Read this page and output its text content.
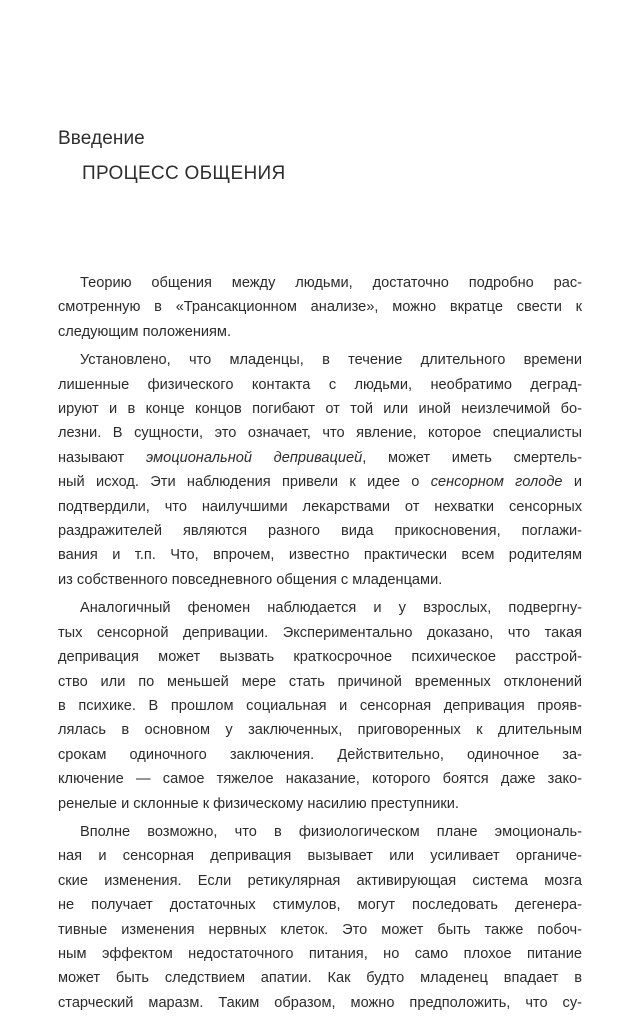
Введение
ПРОЦЕСС ОБЩЕНИЯ
Теорию общения между людьми, достаточно подробно рас-
смотренную в «Трансакционном анализе», можно вкратце свести к
следующим положениям.
Установлено, что младенцы, в течение длительного времени
лишенные физического контакта с людьми, необратимо деград-
ируют и в конце концов погибают от той или иной неизлечимой бо-
лезни. В сущности, это означает, что явление, которое специалисты
называют эмоциональной депривацией, может иметь смертель-
ный исход. Эти наблюдения привели к идее о сенсорном голоде и
подтвердили, что наилучшими лекарствами от нехватки сенсорных
раздражителей являются разного вида прикосновения, поглажи-
вания и т.п. Что, впрочем, известно практически всем родителям
из собственного повседневного общения с младенцами.
Аналогичный феномен наблюдается и у взрослых, подвергну-
тых сенсорной депривации. Экспериментально доказано, что такая
депривация может вызвать краткосрочное психическое расстрой-
ство или по меньшей мере стать причиной временных отклонений
в психике. В прошлом социальная и сенсорная депривация прояв-
лялась в основном у заключенных, приговоренных к длительным
срокам одиночного заключения. Действительно, одиночное за-
ключение — самое тяжелое наказание, которого боятся даже зако-
ренелые и склонные к физическому насилию преступники.
Вполне возможно, что в физиологическом плане эмоциональ-
ная и сенсорная депривация вызывает или усиливает органиче-
ские изменения. Если ретикулярная активирующая система мозга
не получает достаточных стимулов, могут последовать дегенера-
тивные изменения нервных клеток. Это может быть также побоч-
ным эффектом недостаточного питания, но само плохое питание
может быть следствием апатии. Как будто младенец впадает в
старческий маразм. Таким образом, можно предположить, что су-
